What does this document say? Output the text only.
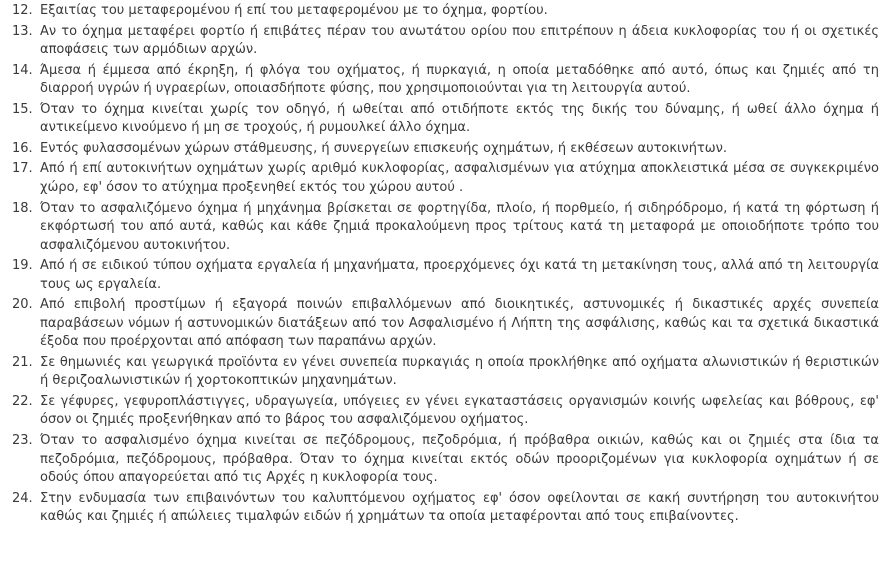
12. Εξαιτίας του μεταφερομένου ή επί του μεταφερομένου με το όχημα, φορτίου.
13. Αν το όχημα μεταφέρει φορτίο ή επιβάτες πέραν του ανωτάτου ορίου που επιτρέπουν η άδεια κυκλοφορίας του ή οι σχετικές αποφάσεις των αρμόδιων αρχών.
14. Άμεσα ή έμμεσα από έκρηξη, ή φλόγα του οχήματος, ή πυρκαγιά, η οποία μεταδόθηκε από αυτό, όπως και ζημιές από τη διαρροή υγρών ή υγραερίων, οποιασδήποτε φύσης, που χρησιμοποιούνται για τη λειτουργία αυτού.
15. Όταν το όχημα κινείται χωρίς τον οδηγό, ή ωθείται από οτιδήποτε εκτός της δικής του δύναμης, ή ωθεί άλλο όχημα ή αντικείμενο κινούμενο ή μη σε τροχούς, ή ρυμουλκεί άλλο όχημα.
16. Εντός φυλασσομένων χώρων στάθμευσης, ή συνεργείων επισκευής οχημάτων, ή εκθέσεων αυτοκινήτων.
17. Από ή επί αυτοκινήτων οχημάτων χωρίς αριθμό κυκλοφορίας, ασφαλισμένων για ατύχημα αποκλειστικά μέσα σε συγκεκριμένο χώρο, εφ' όσον το ατύχημα προξενηθεί εκτός του χώρου αυτού .
18. Όταν το ασφαλιζόμενο όχημα ή μηχάνημα βρίσκεται σε φορτηγίδα, πλοίο, ή πορθμείο, ή σιδηρόδρομο, ή κατά τη φόρτωση ή εκφόρτωσή του από αυτά, καθώς και κάθε ζημιά προκαλούμενη προς τρίτους κατά τη μεταφορά με οποιοδήποτε τρόπο του ασφαλιζόμενου αυτοκινήτου.
19. Από ή σε ειδικού τύπου οχήματα εργαλεία ή μηχανήματα, προερχόμενες όχι κατά τη μετακίνηση τους, αλλά από τη λειτουργία τους ως εργαλεία.
20. Από επιβολή προστίμων ή εξαγορά ποινών επιβαλλόμενων από διοικητικές, αστυνομικές ή δικαστικές αρχές συνεπεία παραβάσεων νόμων ή αστυνομικών διατάξεων από τον Ασφαλισμένο ή Λήπτη της ασφάλισης, καθώς και τα σχετικά δικαστικά έξοδα που προέρχονται από απόφαση των παραπάνω αρχών.
21. Σε θημωνιές και γεωργικά προϊόντα εν γένει συνεπεία πυρκαγιάς η οποία προκλήθηκε από οχήματα αλωνιστικών ή θεριστικών ή θεριζοαλωνιστικών ή χορτοκοπτικών μηχανημάτων.
22. Σε γέφυρες, γεφυροπλάστιγγες, υδραγωγεία, υπόγειες εν γένει εγκαταστάσεις οργανισμών κοινής ωφελείας και βόθρους, εφ' όσον οι ζημιές προξενήθηκαν από το βάρος του ασφαλιζόμενου οχήματος.
23. Όταν το ασφαλισμένο όχημα κινείται σε πεζόδρομους, πεζοδρόμια, ή πρόβαθρα οικιών, καθώς και οι ζημιές στα ίδια τα πεζοδρόμια, πεζόδρομους, πρόβαθρα. Όταν το όχημα κινείται εκτός οδών προοριζομένων για κυκλοφορία οχημάτων ή σε οδούς όπου απαγορεύεται από τις Αρχές η κυκλοφορία τους.
24. Στην ενδυμασία των επιβαινόντων του καλυπτόμενου οχήματος εφ' όσον οφείλονται σε κακή συντήρηση του αυτοκινήτου καθώς και ζημιές ή απώλειες τιμαλφών ειδών ή χρημάτων τα οποία μεταφέρονται από τους επιβαίνοντες.
